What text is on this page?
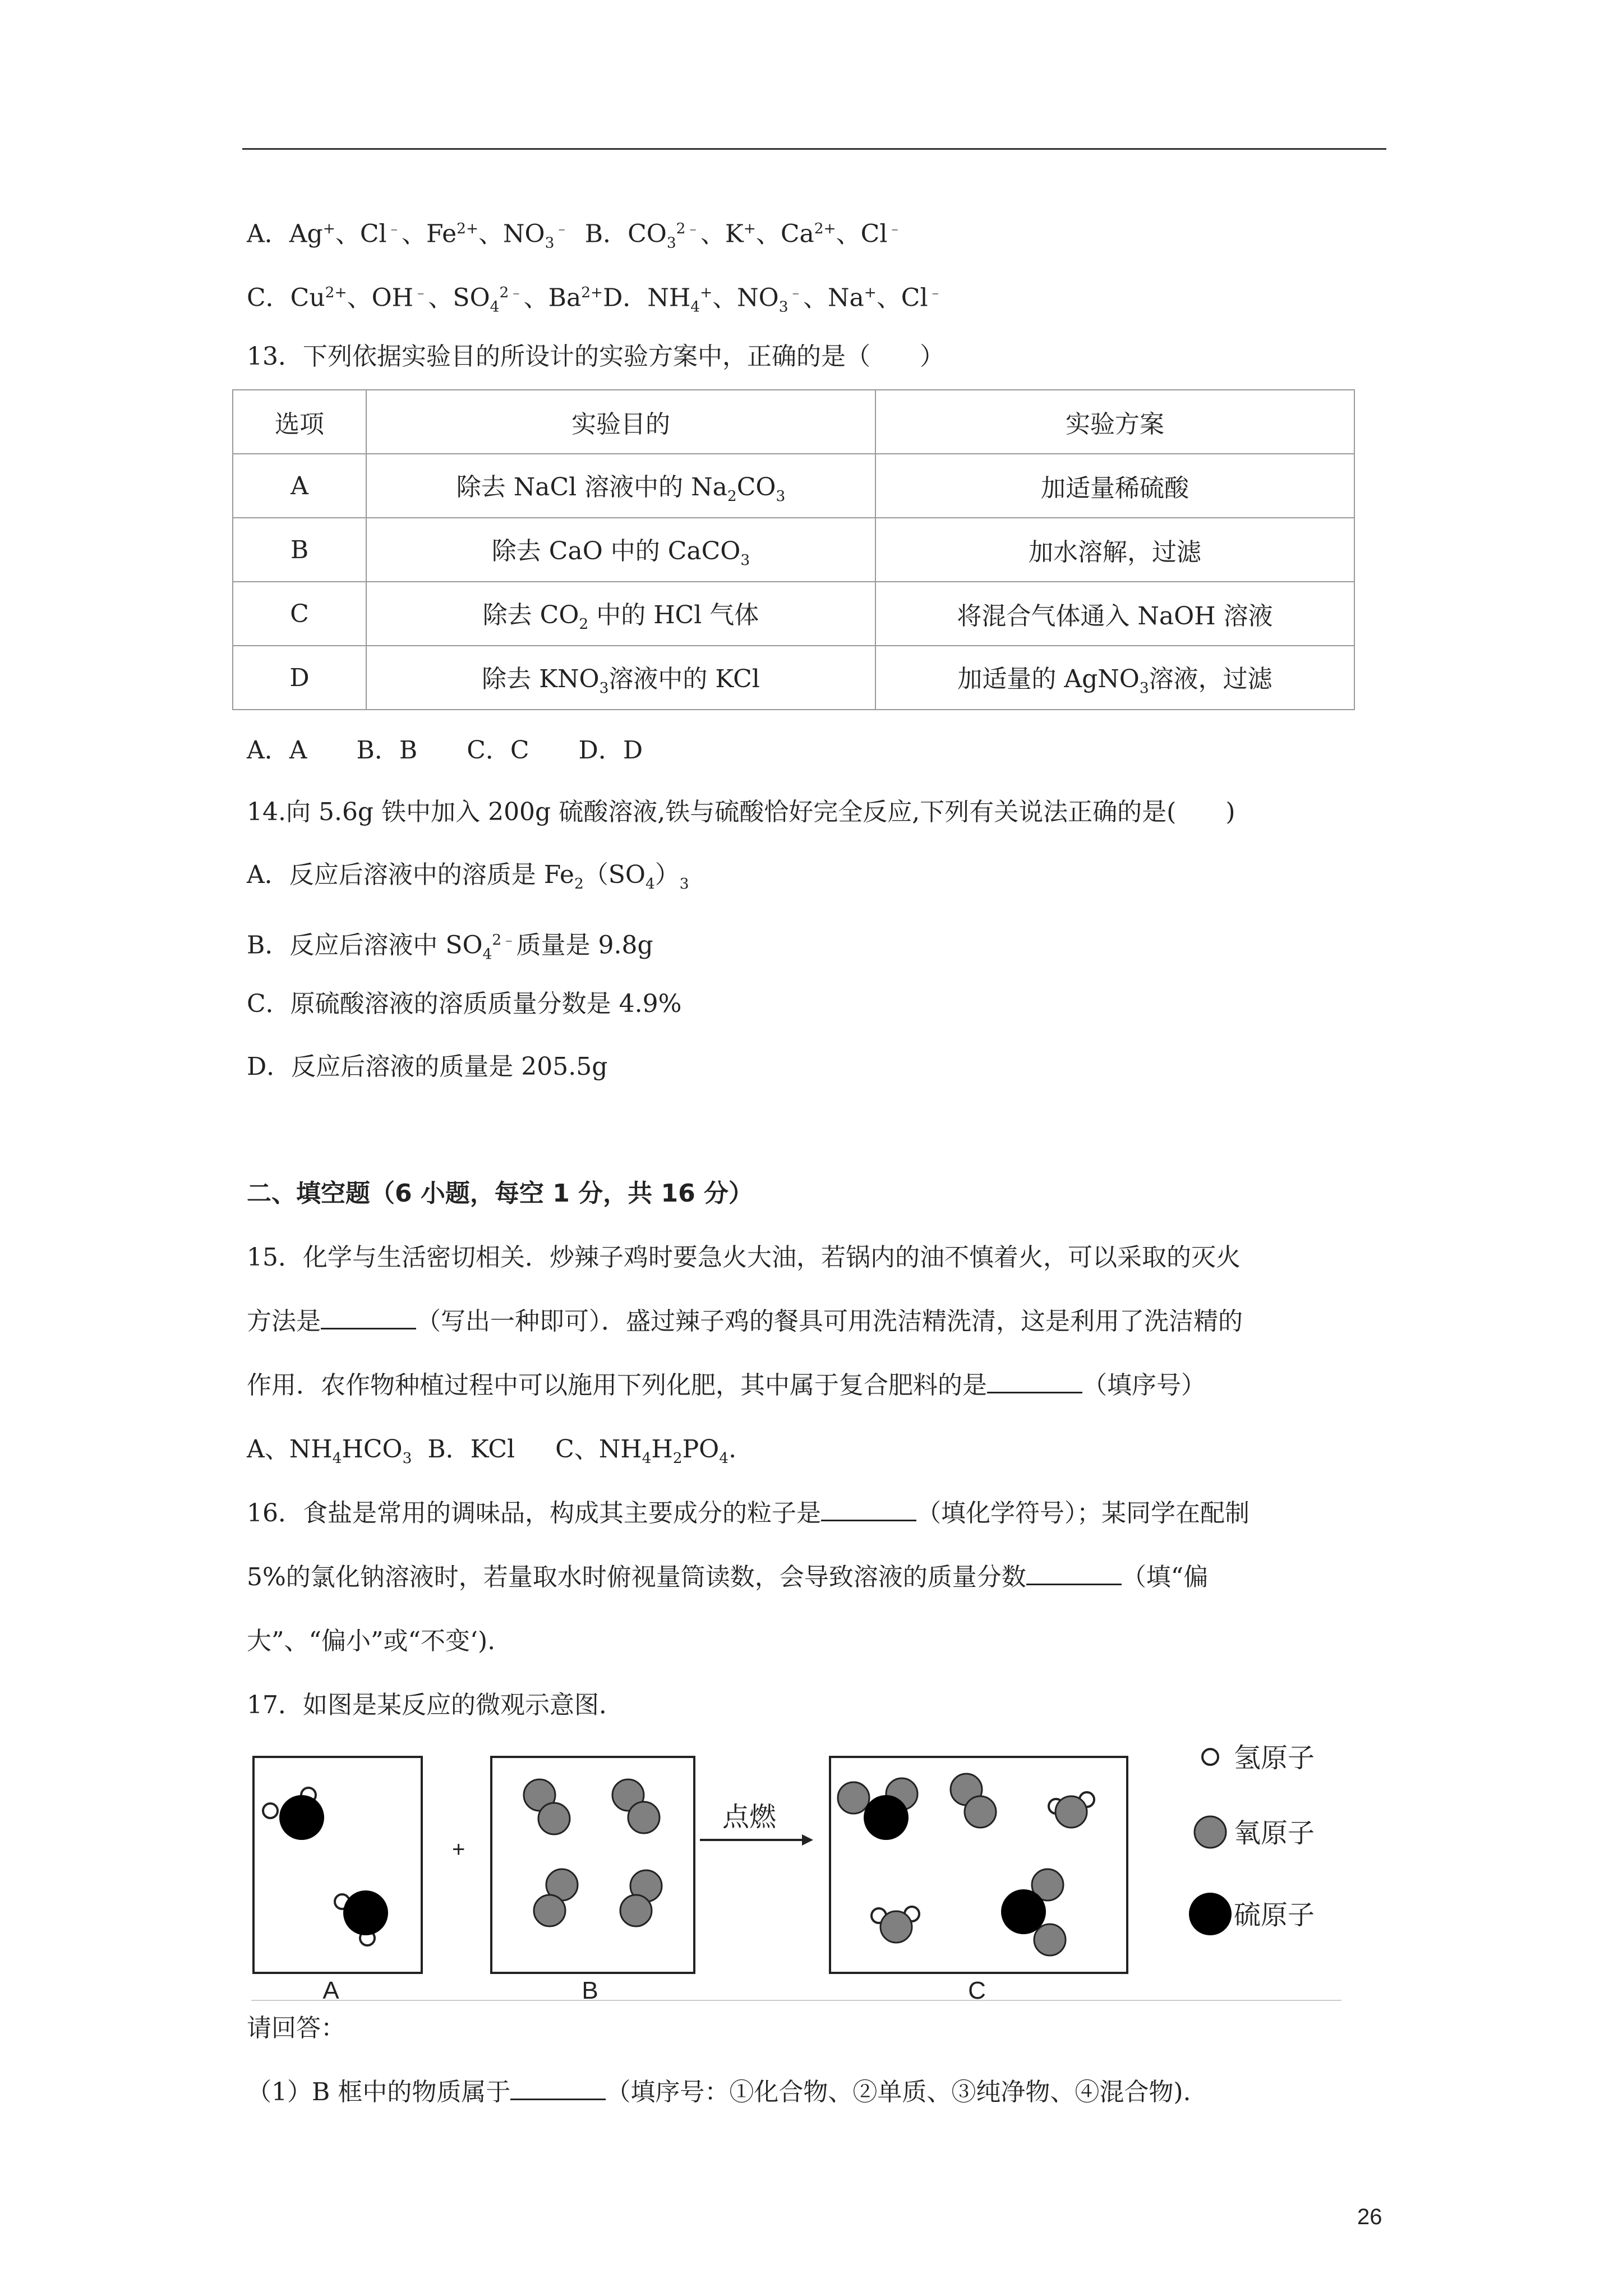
A．Ag+、Cl﹣、$Fe^{2+}$、$NO_3^﹣$  B．$CO_3^{2﹣}$、K+、$Ca^{2+}$、Cl﹣
C．$Cu^{2+}$、OH﹣、$SO_4^{2﹣}$、$Ba^{2+}D$．$NH_4^+$、$NO_3^﹣$、Na+、Cl﹣
13．下列依据实验目的所设计的实验方案中，正确的是（　　）
选项	实验目的	实验方案
A	除去 NaCl 溶液中的 $Na_2CO_3$	加适量稀硫酸
B	除去 CaO 中的 CaCO$_3$	加水溶解，过滤
C	除去 $CO_2$ 中的 HCl 气体	将混合气体通入 NaOH 溶液
D	除去 $KNO_3$溶液中的 KCl	加适量的 AgNO$_3$溶液，过滤
A．A　　B．B　　C．C　　D．D
14.向 5.6g 铁中加入 200g 硫酸溶液,铁与硫酸恰好完全反应,下列有关说法正确的是(　　)
A．反应后溶液中的溶质是 $Fe_2(SO_4)_3$
B．反应后溶液中 $SO_4^{2﹣}$质量是 9.8g
C．原硫酸溶液的溶质质量分数是 4.9%
D．反应后溶液的质量是 205.5g
二、填空题（6 小题，每空 1 分，共 16 分）
15．化学与生活密切相关．炒辣子鸡时要急火大油，若锅内的油不慎着火，可以采取的灭火
方法是	（写出一种即可）．盛过辣子鸡的餐具可用洗洁精洗清，这是利用了洗洁精的
作用．农作物种植过程中可以施用下列化肥，其中属于复合肥料的是	（填序号）
A、$NH_4HCO_3$  B．KCl　  C、$NH_4H_2PO_4$.
16．食盐是常用的调味品，构成其主要成分的粒子是	（填化学符号）；某同学在配制
5%的氯化钠溶液时，若量取水时俯视量筒读数，会导致溶液的质量分数	（填“偏
大”、“偏小”或“不变‘).
17．如图是某反应的微观示意图．
+
点燃
A	B	C
氢原子
氧原子
硫原子
请回答：
（1）B 框中的物质属于	（填序号：①化合物、②单质、③纯净物、④混合物).
26
